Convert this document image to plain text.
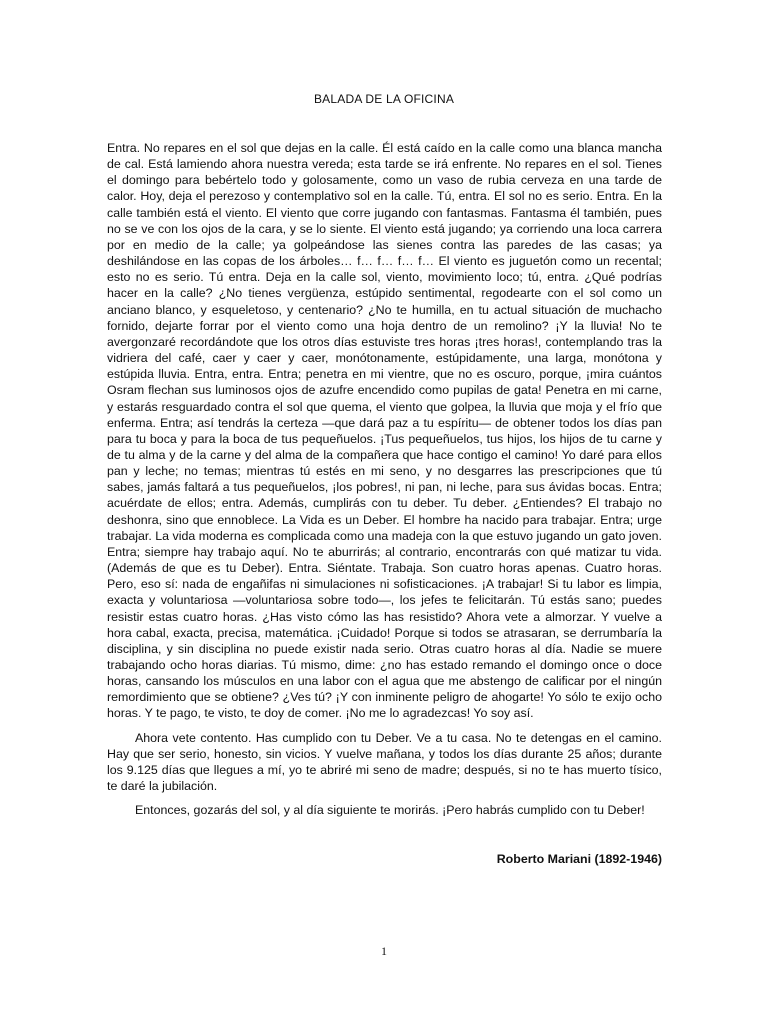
BALADA DE LA OFICINA

Entra. No repares en el sol que dejas en la calle. Él está caído en la calle como una blanca mancha de cal. Está lamiendo ahora nuestra vereda; esta tarde se irá enfrente. No repares en el sol. Tienes el domingo para bebértelo todo y golosamente, como un vaso de rubia cerveza en una tarde de calor. Hoy, deja el perezoso y contemplativo sol en la calle. Tú, entra. El sol no es serio. Entra. En la calle también está el viento. El viento que corre jugando con fantasmas. Fantasma él también, pues no se ve con los ojos de la cara, y se lo siente. El viento está jugando; ya corriendo una loca carrera por en medio de la calle; ya golpeándose las sienes contra las paredes de las casas; ya deshilándose en las copas de los árboles… f… f… f… f… El viento es juguetón como un recental; esto no es serio. Tú entra. Deja en la calle sol, viento, movimiento loco; tú, entra. ¿Qué podrías hacer en la calle? ¿No tienes vergüenza, estúpido sentimental, regodearte con el sol como un anciano blanco, y esqueletoso, y centenario? ¿No te humilla, en tu actual situación de muchacho fornido, dejarte forrar por el viento como una hoja dentro de un remolino? ¡Y la lluvia! No te avergonzaré recordándote que los otros días estuviste tres horas ¡tres horas!, contemplando tras la vidriera del café, caer y caer y caer, monótonamente, estúpidamente, una larga, monótona y estúpida lluvia. Entra, entra. Entra; penetra en mi vientre, que no es oscuro, porque, ¡mira cuántos Osram flechan sus luminosos ojos de azufre encendido como pupilas de gata! Penetra en mi carne, y estarás resguardado contra el sol que quema, el viento que golpea, la lluvia que moja y el frío que enferma. Entra; así tendrás la certeza —que dará paz a tu espíritu— de obtener todos los días pan para tu boca y para la boca de tus pequeñuelos. ¡Tus pequeñuelos, tus hijos, los hijos de tu carne y de tu alma y de la carne y del alma de la compañera que hace contigo el camino! Yo daré para ellos pan y leche; no temas; mientras tú estés en mi seno, y no desgarres las prescripciones que tú sabes, jamás faltará a tus pequeñuelos, ¡los pobres!, ni pan, ni leche, para sus ávidas bocas. Entra; acuérdate de ellos; entra. Además, cumplirás con tu deber. Tu deber. ¿Entiendes? El trabajo no deshonra, sino que ennoblece. La Vida es un Deber. El hombre ha nacido para trabajar. Entra; urge trabajar. La vida moderna es complicada como una madeja con la que estuvo jugando un gato joven. Entra; siempre hay trabajo aquí. No te aburrirás; al contrario, encontrarás con qué matizar tu vida. (Además de que es tu Deber). Entra. Siéntate. Trabaja. Son cuatro horas apenas. Cuatro horas. Pero, eso sí: nada de engañifas ni simulaciones ni sofisticaciones. ¡A trabajar! Si tu labor es limpia, exacta y voluntariosa —voluntariosa sobre todo—, los jefes te felicitarán. Tú estás sano; puedes resistir estas cuatro horas. ¿Has visto cómo las has resistido? Ahora vete a almorzar. Y vuelve a hora cabal, exacta, precisa, matemática. ¡Cuidado! Porque si todos se atrasaran, se derrumbaría la disciplina, y sin disciplina no puede existir nada serio. Otras cuatro horas al día. Nadie se muere trabajando ocho horas diarias. Tú mismo, dime: ¿no has estado remando el domingo once o doce horas, cansando los músculos en una labor con el agua que me abstengo de calificar por el ningún remordimiento que se obtiene? ¿Ves tú? ¡Y con inminente peligro de ahogarte! Yo sólo te exijo ocho horas. Y te pago, te visto, te doy de comer. ¡No me lo agradezcas! Yo soy así.

Ahora vete contento. Has cumplido con tu Deber. Ve a tu casa. No te detengas en el camino. Hay que ser serio, honesto, sin vicios. Y vuelve mañana, y todos los días durante 25 años; durante los 9.125 días que llegues a mí, yo te abriré mi seno de madre; después, si no te has muerto tísico, te daré la jubilación.

Entonces, gozarás del sol, y al día siguiente te morirás. ¡Pero habrás cumplido con tu Deber!

Roberto Mariani (1892-1946)
1
